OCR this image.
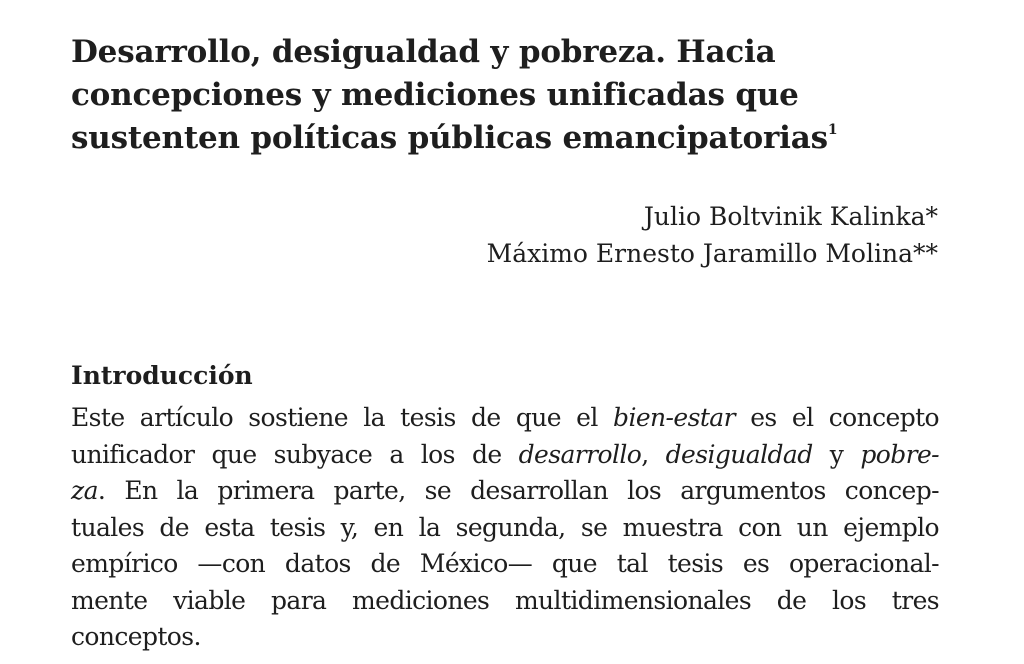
Desarrollo, desigualdad y pobreza. Hacia
concepciones y mediciones unificadas que
sustenten políticas públicas emancipatorias$^1$
Julio Boltvinik Kalinka*
Máximo Ernesto Jaramillo Molina**
Introducción

Este artículo sostiene la tesis de que el bien-estar es el concepto
unificador que subyace a los de desarrollo, desigualdad y pobre-
za. En la primera parte, se desarrollan los argumentos concep-
tuales de esta tesis y, en la segunda, se muestra con un ejemplo
empírico —con datos de México— que tal tesis es operacional-
mente viable para mediciones multidimensionales de los tres
conceptos.
